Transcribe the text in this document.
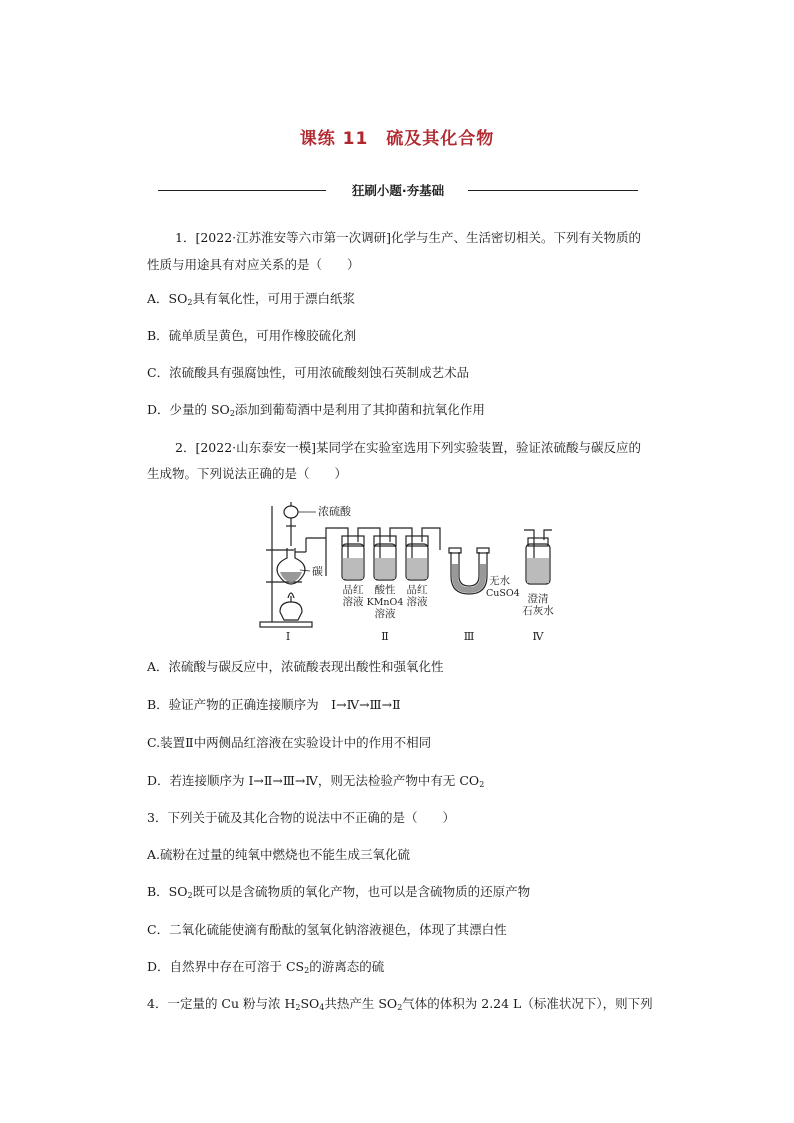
课练 11　硫及其化合物
狂刷小题·夯基础
1．[2022·江苏淮安等六市第一次调研]化学与生产、生活密切相关。下列有关物质的
性质与用途具有对应关系的是（　　）
A．$SO_2$具有氧化性，可用于漂白纸浆
B．硫单质呈黄色，可用作橡胶硫化剂
C．浓硫酸具有强腐蚀性，可用浓硫酸刻蚀石英制成艺术品
D．少量的 $SO_2$添加到葡萄酒中是利用了其抑菌和抗氧化作用
2．[2022·山东泰安一模]某同学在实验室选用下列实验装置，验证浓硫酸与碳反应的
生成物。下列说法正确的是（　　）
浓硫酸
碳
品红
溶液
酸性
KMnO4
溶液
品红
溶液
无水
CuSO4 澄清
石灰水
Ⅰ	Ⅱ	Ⅲ	Ⅳ
A．浓硫酸与碳反应中，浓硫酸表现出酸性和强氧化性
B．验证产物的正确连接顺序为　Ⅰ→Ⅳ→Ⅲ→Ⅱ
C.装置Ⅱ中两侧品红溶液在实验设计中的作用不相同
D．若连接顺序为 Ⅰ→Ⅱ→Ⅲ→Ⅳ，则无法检验产物中有无 $CO_2$
3．下列关于硫及其化合物的说法中不正确的是（　　）
A.硫粉在过量的纯氧中燃烧也不能生成三氧化硫
B．$SO_2$既可以是含硫物质的氧化产物，也可以是含硫物质的还原产物
C．二氧化硫能使滴有酚酞的氢氧化钠溶液褪色，体现了其漂白性
D．自然界中存在可溶于 $CS_2$的游离态的硫
4．一定量的 Cu 粉与浓 $H_2SO_4$共热产生 $SO_2$气体的体积为 2.24 L（标准状况下），则下列
